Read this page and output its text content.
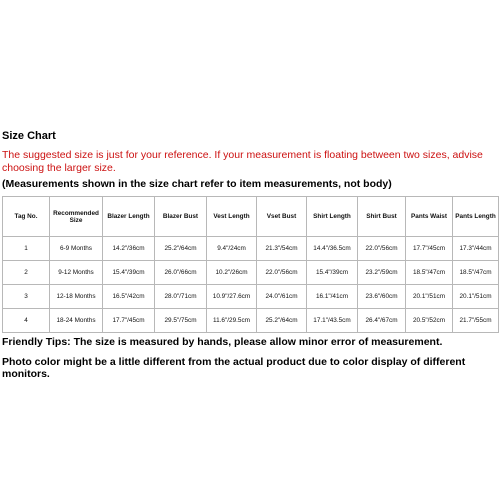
Size Chart
The suggested size is just for your reference. If your measurement is floating between two sizes, advise choosing the larger size.
(Measurements shown in the size chart refer to item measurements, not body)
Tag No.	Recommended Size	Blazer Length	Blazer Bust	Vest Length	Vset Bust	Shirt Length	Shirt Bust	Pants Waist	Pants Length
1	6-9 Months	14.2"/36cm	25.2"/64cm	9.4"/24cm	21.3"/54cm	14.4"/36.5cm	22.0"/56cm	17.7"/45cm	17.3"/44cm
2	9-12 Months	15.4"/39cm	26.0"/66cm	10.2"/26cm	22.0"/56cm	15.4"/39cm	23.2"/59cm	18.5"/47cm	18.5"/47cm
3	12-18 Months	16.5"/42cm	28.0"/71cm	10.9"/27.6cm	24.0"/61cm	16.1"/41cm	23.6"/60cm	20.1"/51cm	20.1"/51cm
4	18-24 Months	17.7"/45cm	29.5"/75cm	11.6"/29.5cm	25.2"/64cm	17.1"/43.5cm	26.4"/67cm	20.5"/52cm	21.7"/55cm
Friendly Tips: The size is measured by hands, please allow minor error of measurement.
Photo color might be a little different from the actual product due to color display of different monitors.
